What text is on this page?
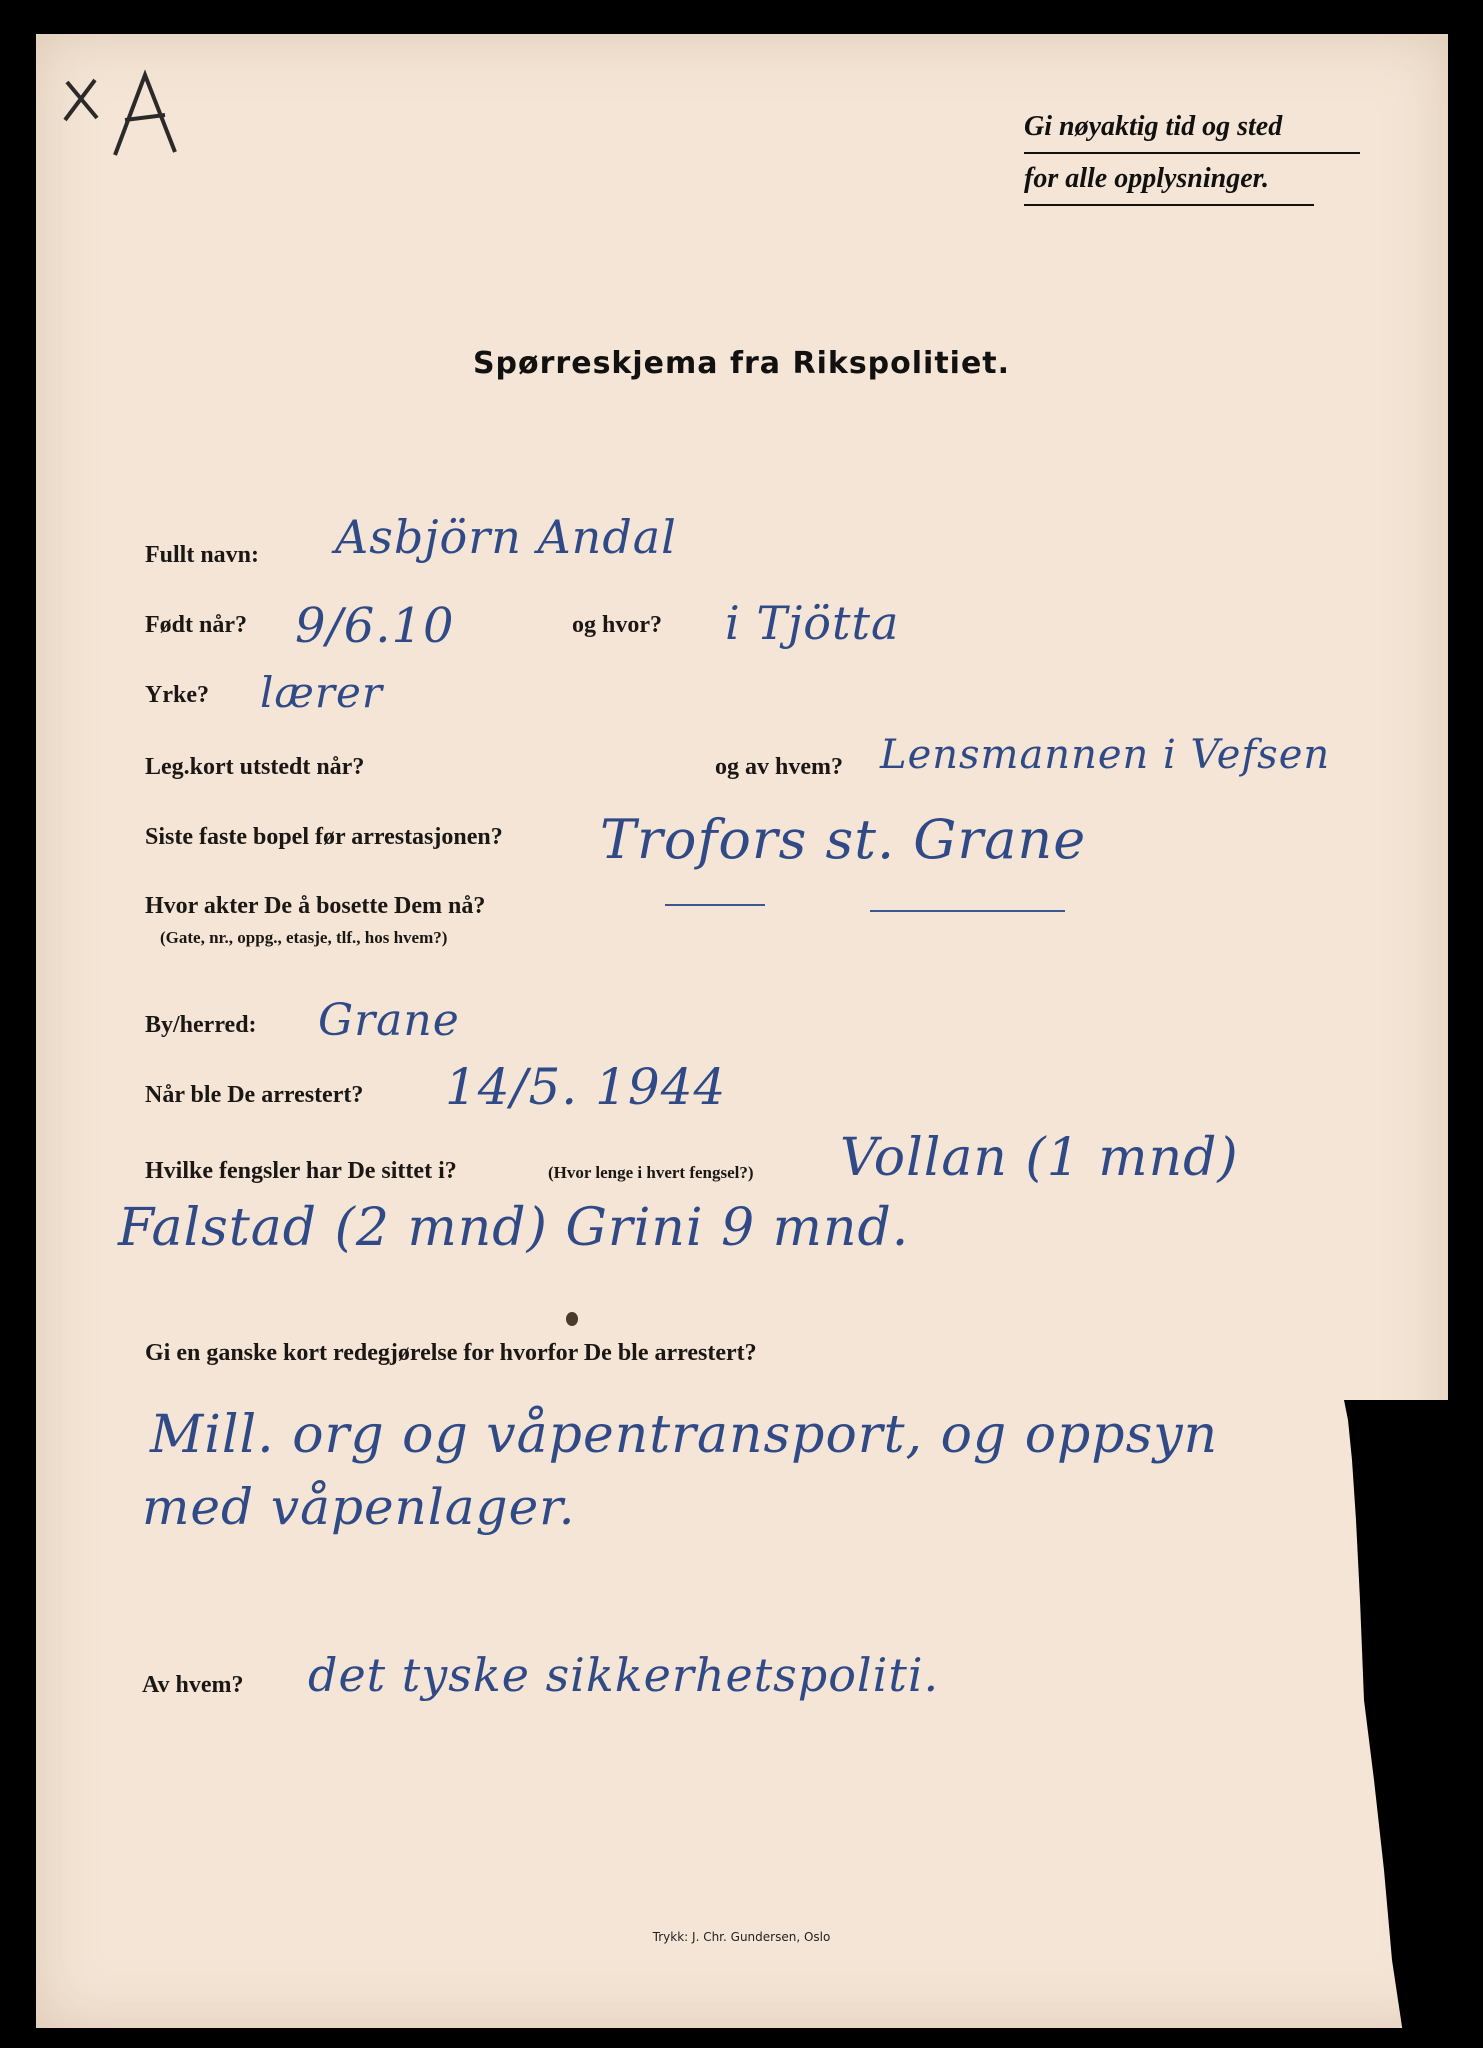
Gi nøyaktig tid og sted
for alle opplysninger.
Spørreskjema fra Rikspolitiet.
Fullt navn: Asbjörn Andal
Født når? 9/6.10	og hvor? i Tjötta
Yrke? lærer
Leg.kort utstedt når?	og av hvem? Lensmannen i Vefsen
Siste faste bopel før arrestasjonen? Trofors st. Grane
Hvor akter De å bosette Dem nå?
(Gate, nr., oppg., etasje, tlf., hos hvem?)
By/herred: Grane
Når ble De arrestert? 14/5. 1944
Hvilke fengsler har De sittet i?	(Hvor lenge i hvert fengsel?) Vollan (1 mnd)
Falstad (2 mnd) Grini 9 mnd.
Gi en ganske kort redegjørelse for hvorfor De ble arrestert?
Mill. org og våpentransport, og oppsyn
med våpenlager.
Av hvem? det tyske sikkerhetspoliti.
Trykk: J. Chr. Gundersen, Oslo
